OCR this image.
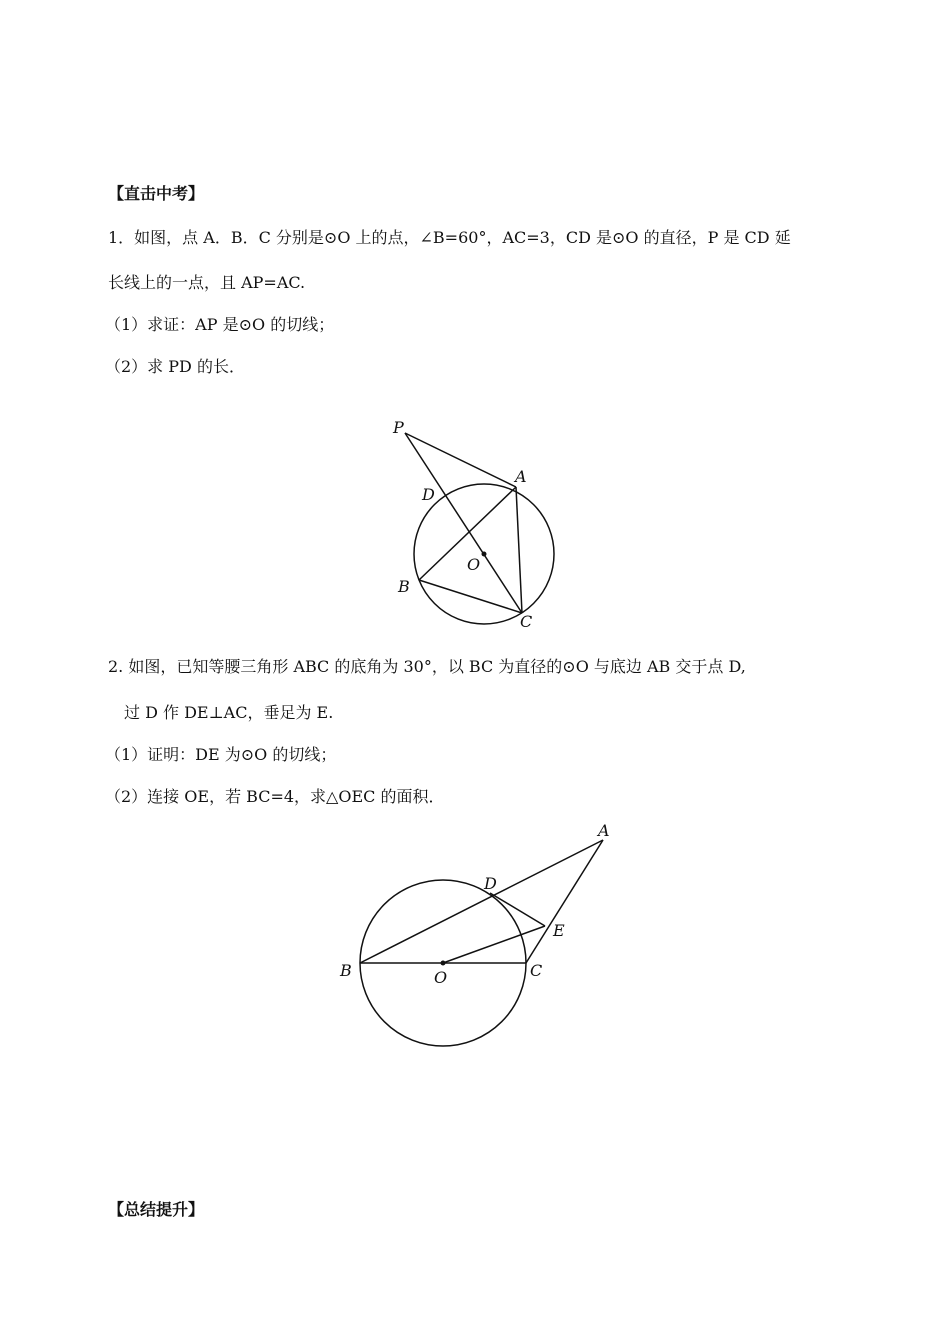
【直击中考】
1．如图，点 A．B．C 分别是⊙O 上的点，∠B=60°，AC=3，CD 是⊙O 的直径，P 是 CD 延
长线上的一点，且 AP=AC.
（1）求证：AP 是⊙O 的切线；
（2）求 PD 的长．
P
A
D
O
B
C
2. 如图，已知等腰三角形 ABC 的底角为 30°，以 BC 为直径的⊙O 与底边 AB 交于点 D,
过 D 作 DE⊥AC，垂足为 E.
（1）证明：DE 为⊙O 的切线；
（2）连接 OE，若 BC=4，求△OEC 的面积．
A
D
E
B	O	C
【总结提升】
